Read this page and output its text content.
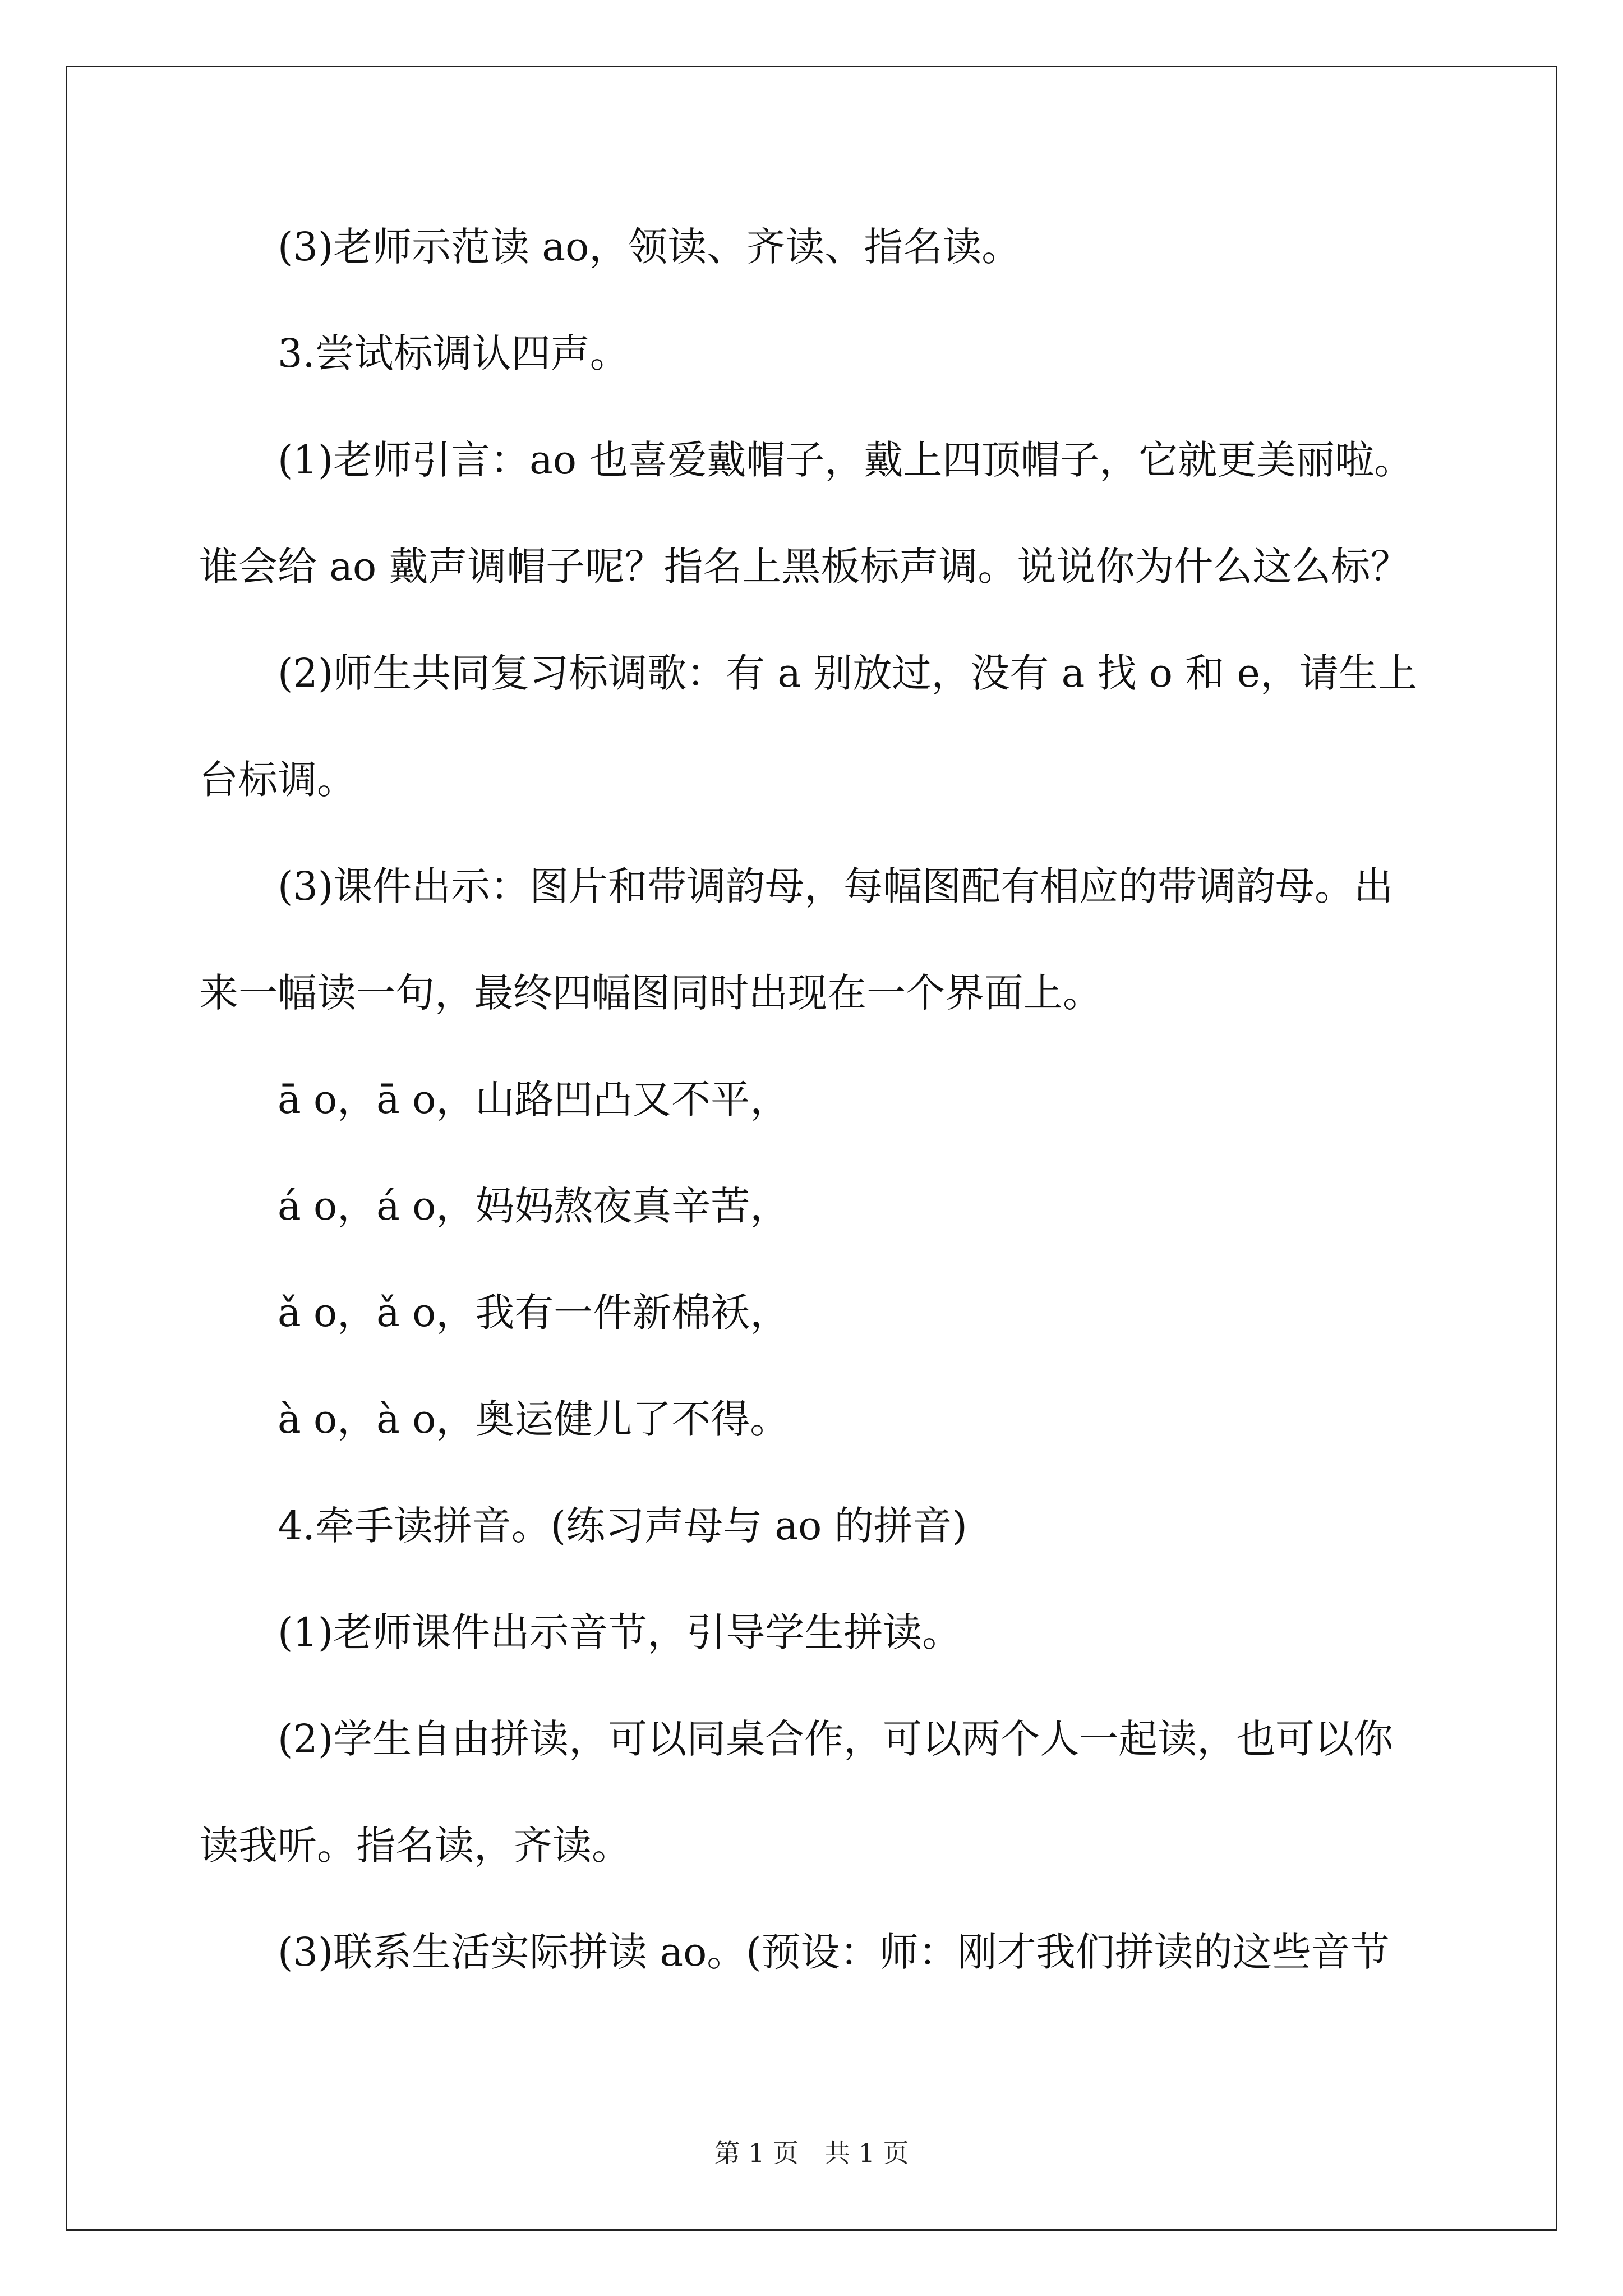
(3)老师示范读 ao，领读、齐读、指名读。

3.尝试标调认四声。

(1)老师引言：ao 也喜爱戴帽子，戴上四顶帽子，它就更美丽啦。
谁会给 ao 戴声调帽子呢？指名上黑板标声调。说说你为什么这么标？

(2)师生共同复习标调歌：有 a 别放过，没有 a 找 o 和 e，请生上
台标调。

(3)课件出示：图片和带调韵母，每幅图配有相应的带调韵母。出
来一幅读一句，最终四幅图同时出现在一个界面上。

ā o，ā o，山路凹凸又不平，

á o，á o，妈妈熬夜真辛苦，

ǎ o，ǎ o，我有一件新棉袄，

à o，à o，奥运健儿了不得。

4.牵手读拼音。(练习声母与 ao 的拼音)

(1)老师课件出示音节，引导学生拼读。

(2)学生自由拼读，可以同桌合作，可以两个人一起读，也可以你
读我听。指名读，齐读。

(3)联系生活实际拼读 ao。(预设：师：刚才我们拼读的这些音节

第 1 页　共 1 页
